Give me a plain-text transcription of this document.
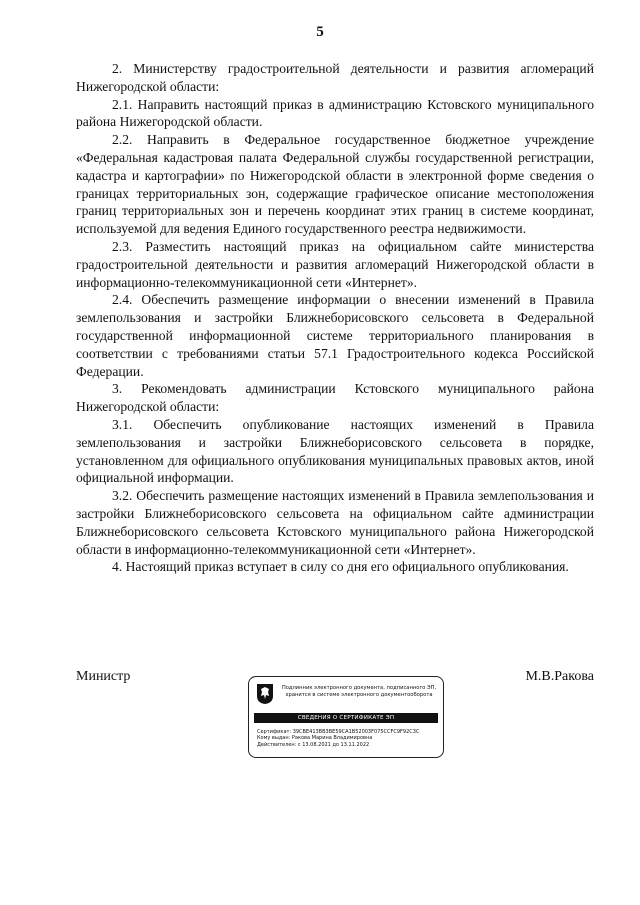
5

2. Министерству градостроительной деятельности и развития агломераций Нижегородской области:

2.1. Направить настоящий приказ в администрацию Кстовского муниципального района Нижегородской области.

2.2. Направить в Федеральное государственное бюджетное учреждение «Федеральная кадастровая палата Федеральной службы государственной регистрации, кадастра и картографии» по Нижегородской области в электронной форме сведения о границах территориальных зон, содержащие графическое описание местоположения границ территориальных зон и перечень координат этих границ в системе координат, используемой для ведения Единого государственного реестра недвижимости.

2.3. Разместить настоящий приказ на официальном сайте министерства градостроительной деятельности и развития агломераций Нижегородской области в информационно-телекоммуникационной сети «Интернет».

2.4. Обеспечить размещение информации о внесении изменений в Правила землепользования и застройки Ближнеборисовского сельсовета в Федеральной государственной информационной системе территориального планирования в соответствии с требованиями статьи 57.1 Градостроительного кодекса Российской Федерации.

3. Рекомендовать администрации Кстовского муниципального района Нижегородской области:

3.1. Обеспечить опубликование настоящих изменений в Правила землепользования и застройки Ближнеборисовского сельсовета в порядке, установленном для официального опубликования муниципальных правовых актов, иной официальной информации.

3.2. Обеспечить размещение настоящих изменений в Правила землепользования и застройки Ближнеборисовского сельсовета на официальном сайте администрации Ближнеборисовского сельсовета Кстовского муниципального района Нижегородской области в информационно-телекоммуникационной сети «Интернет».

4. Настоящий приказ вступает в силу со дня его официального опубликования.

Министр	М.В.Ракова
Подлинник электронного документа, подписанного ЭП, хранится в системе электронного документооборота
СВЕДЕНИЯ О СЕРТИФИКАТЕ ЭП
Сертификат: 39CBE413BB3BE59CA1B52003F075CCFC9F92C3C
Кому выдан: Ракова Марина Владимировна
Действителен: с 13.08.2021 до 13.11.2022
